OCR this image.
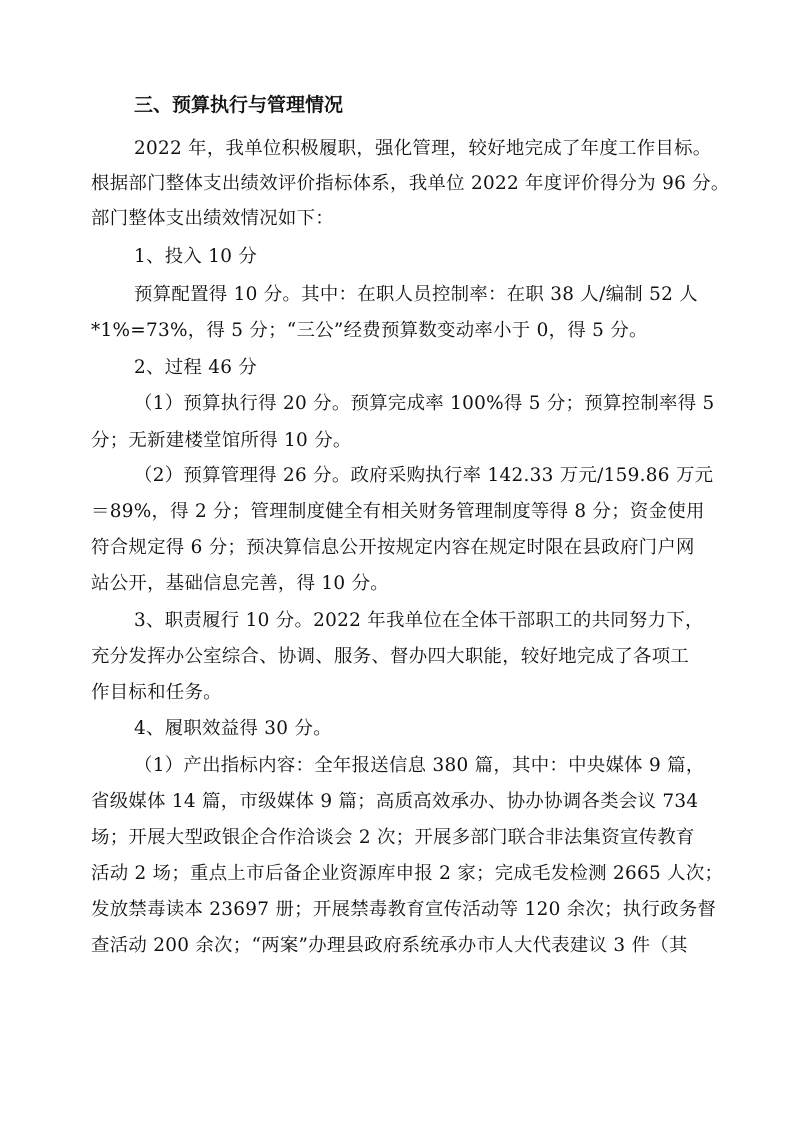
三、预算执行与管理情况
2022 年，我单位积极履职，强化管理，较好地完成了年度工作目标。
根据部门整体支出绩效评价指标体系，我单位 2022 年度评价得分为 96 分。
部门整体支出绩效情况如下：
1、投入 10 分
预算配置得 10 分。其中：在职人员控制率：在职 38 人/编制 52 人
*1%=73%，得 5 分；“三公”经费预算数变动率小于 0，得 5 分。
2、过程 46 分
（1）预算执行得 20 分。预算完成率 100%得 5 分；预算控制率得 5
分；无新建楼堂馆所得 10 分。
（2）预算管理得 26 分。政府采购执行率 142.33 万元/159.86 万元
＝89%，得 2 分；管理制度健全有相关财务管理制度等得 8 分；资金使用
符合规定得 6 分；预决算信息公开按规定内容在规定时限在县政府门户网
站公开，基础信息完善，得 10 分。
3、职责履行 10 分。2022 年我单位在全体干部职工的共同努力下，
充分发挥办公室综合、协调、服务、督办四大职能，较好地完成了各项工
作目标和任务。
4、履职效益得 30 分。
（1）产出指标内容：全年报送信息 380 篇，其中：中央媒体 9 篇，
省级媒体 14 篇，市级媒体 9 篇；高质高效承办、协办协调各类会议 734
场；开展大型政银企合作洽谈会 2 次；开展多部门联合非法集资宣传教育
活动 2 场；重点上市后备企业资源库申报 2 家；完成毛发检测 2665 人次；
发放禁毒读本 23697 册；开展禁毒教育宣传活动等 120 余次；执行政务督
查活动 200 余次；“两案”办理县政府系统承办市人大代表建议 3 件（其
